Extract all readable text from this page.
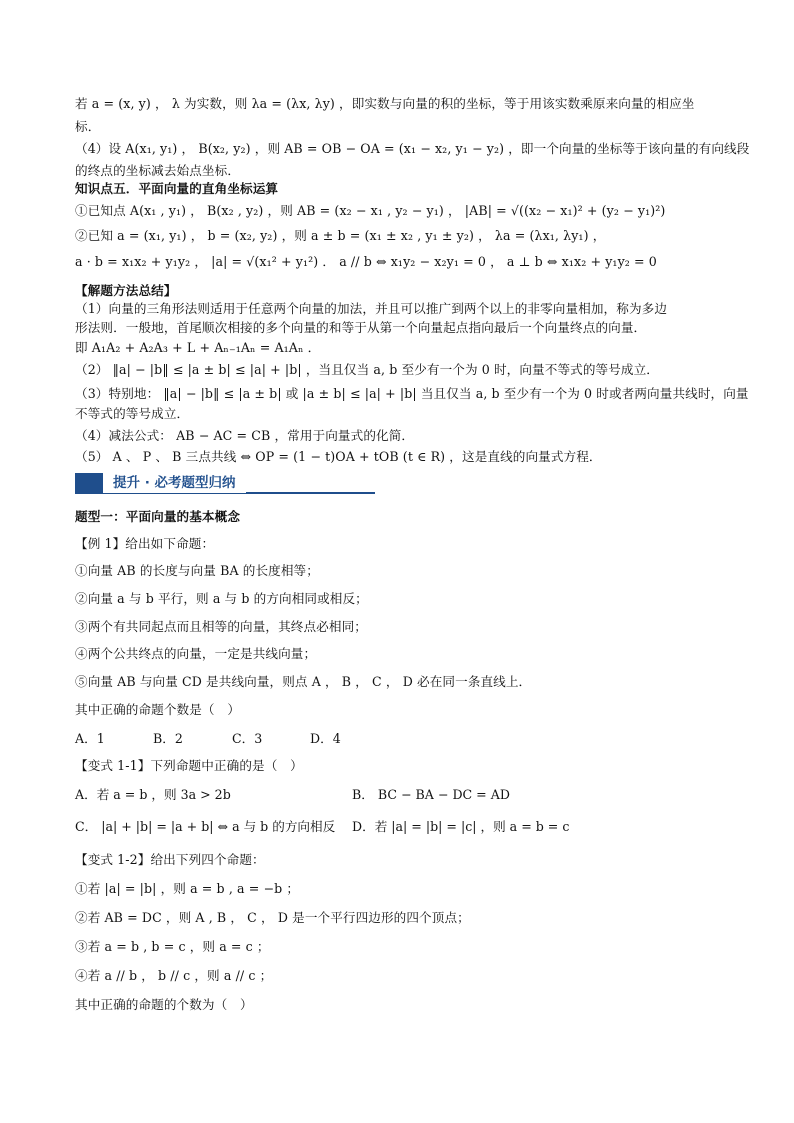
若 a = (x, y) ， λ 为实数，则 λa = (λx, λy) ，即实数与向量的积的坐标，等于用该实数乘原来向量的相应坐
标．
（4）设 A(x₁, y₁) ， B(x₂, y₂) ，则 AB = OB − OA = (x₁ − x₂, y₁ − y₂) ，即一个向量的坐标等于该向量的有向线段
的终点的坐标减去始点坐标．
知识点五．平面向量的直角坐标运算
①已知点 A(x₁ , y₁) ， B(x₂ , y₂) ，则 AB = (x₂ − x₁ , y₂ − y₁) ， |AB| = √((x₂ − x₁)² + (y₂ − y₁)²)
②已知 a = (x₁, y₁) ， b = (x₂, y₂) ，则 a ± b = (x₁ ± x₂ , y₁ ± y₂) ， λa = (λx₁, λy₁) ，
a · b = x₁x₂ + y₁y₂ ， |a| = √(x₁² + y₁²) ． a // b ⇔ x₁y₂ − x₂y₁ = 0 ， a ⊥ b ⇔ x₁x₂ + y₁y₂ = 0
【解题方法总结】
（1）向量的三角形法则适用于任意两个向量的加法，并且可以推广到两个以上的非零向量相加，称为多边
形法则．一般地，首尾顺次相接的多个向量的和等于从第一个向量起点指向最后一个向量终点的向量．
即 A₁A₂ + A₂A₃ + L + Aₙ₋₁Aₙ = A₁Aₙ ．
（2） ‖a| − |b‖ ≤ |a ± b| ≤ |a| + |b| ，当且仅当 a, b 至少有一个为 0 时，向量不等式的等号成立．
（3）特别地： ‖a| − |b‖ ≤ |a ± b| 或 |a ± b| ≤ |a| + |b| 当且仅当 a, b 至少有一个为 0 时或者两向量共线时，向量
不等式的等号成立．
（4）减法公式： AB − AC = CB ，常用于向量式的化简．
（5） A 、 P 、 B 三点共线 ⇔ OP = (1 − t)OA + tOB (t ∈ R) ，这是直线的向量式方程．
提升 · 必考题型归纳
题型一：平面向量的基本概念
【例 1】给出如下命题：
①向量 AB 的长度与向量 BA 的长度相等；
②向量 a 与 b 平行，则 a 与 b 的方向相同或相反；
③两个有共同起点而且相等的向量，其终点必相同；
④两个公共终点的向量，一定是共线向量；
⑤向量 AB 与向量 CD 是共线向量，则点 A ， B ， C ， D 必在同一条直线上．
其中正确的命题个数是（　）
A．1	B．2	C．3	D．4
【变式 1-1】下列命题中正确的是（　）
A．若 a = b ，则 3a > 2b	B． BC − BA − DC = AD
C． |a| + |b| = |a + b| ⇔ a 与 b 的方向相反 D．若 |a| = |b| = |c| ，则 a = b = c
【变式 1-2】给出下列四个命题：
①若 |a| = |b| ，则 a = b , a = −b ；
②若 AB = DC ，则 A , B ， C ， D 是一个平行四边形的四个顶点；
③若 a = b , b = c ，则 a = c ；
④若 a // b ， b // c ，则 a // c ；
其中正确的命题的个数为（　）
